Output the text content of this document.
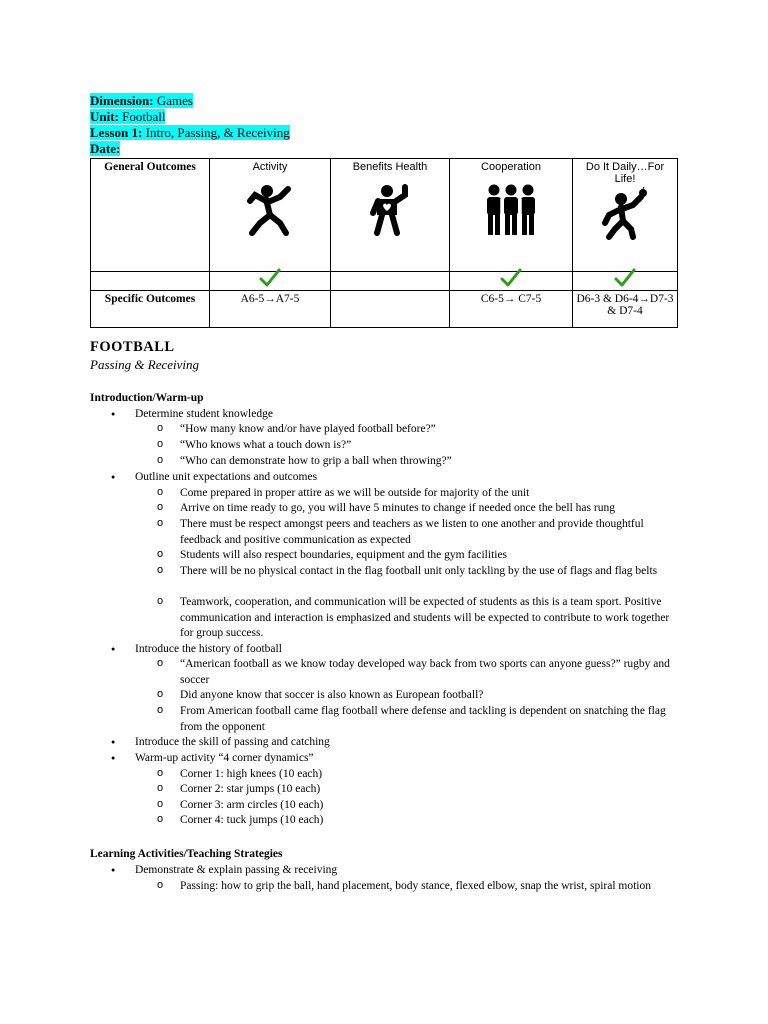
Dimension: Games
Unit: Football
Lesson 1: Intro, Passing, & Receiving
Date:
General Outcomes	Activity	Benefits Health	Cooperation	Do It Daily…For Life!

Specific Outcomes	A6-5→A7-5		C6-5→ C7-5	D6-3 & D6-4→D7-3 & D7-4
FOOTBALL
Passing & Receiving
Introduction/Warm-up
● Determine student knowledge
o “How many know and/or have played football before?”
o “Who knows what a touch down is?”
o “Who can demonstrate how to grip a ball when throwing?”
● Outline unit expectations and outcomes
o Come prepared in proper attire as we will be outside for majority of the unit
o Arrive on time ready to go, you will have 5 minutes to change if needed once the bell has rung
o There must be respect amongst peers and teachers as we listen to one another and provide thoughtful feedback and positive communication as expected
o Students will also respect boundaries, equipment and the gym facilities
o There will be no physical contact in the flag football unit only tackling by the use of flags and flag belts
o Teamwork, cooperation, and communication will be expected of students as this is a team sport. Positive communication and interaction is emphasized and students will be expected to contribute to work together for group success.
● Introduce the history of football
o “American football as we know today developed way back from two sports can anyone guess?” rugby and soccer
o Did anyone know that soccer is also known as European football?
o From American football came flag football where defense and tackling is dependent on snatching the flag from the opponent
● Introduce the skill of passing and catching
● Warm-up activity “4 corner dynamics”
o Corner 1: high knees (10 each)
o Corner 2: star jumps (10 each)
o Corner 3: arm circles (10 each)
o Corner 4: tuck jumps (10 each)
Learning Activities/Teaching Strategies
● Demonstrate & explain passing & receiving
o Passing: how to grip the ball, hand placement, body stance, flexed elbow, snap the wrist, spiral motion
